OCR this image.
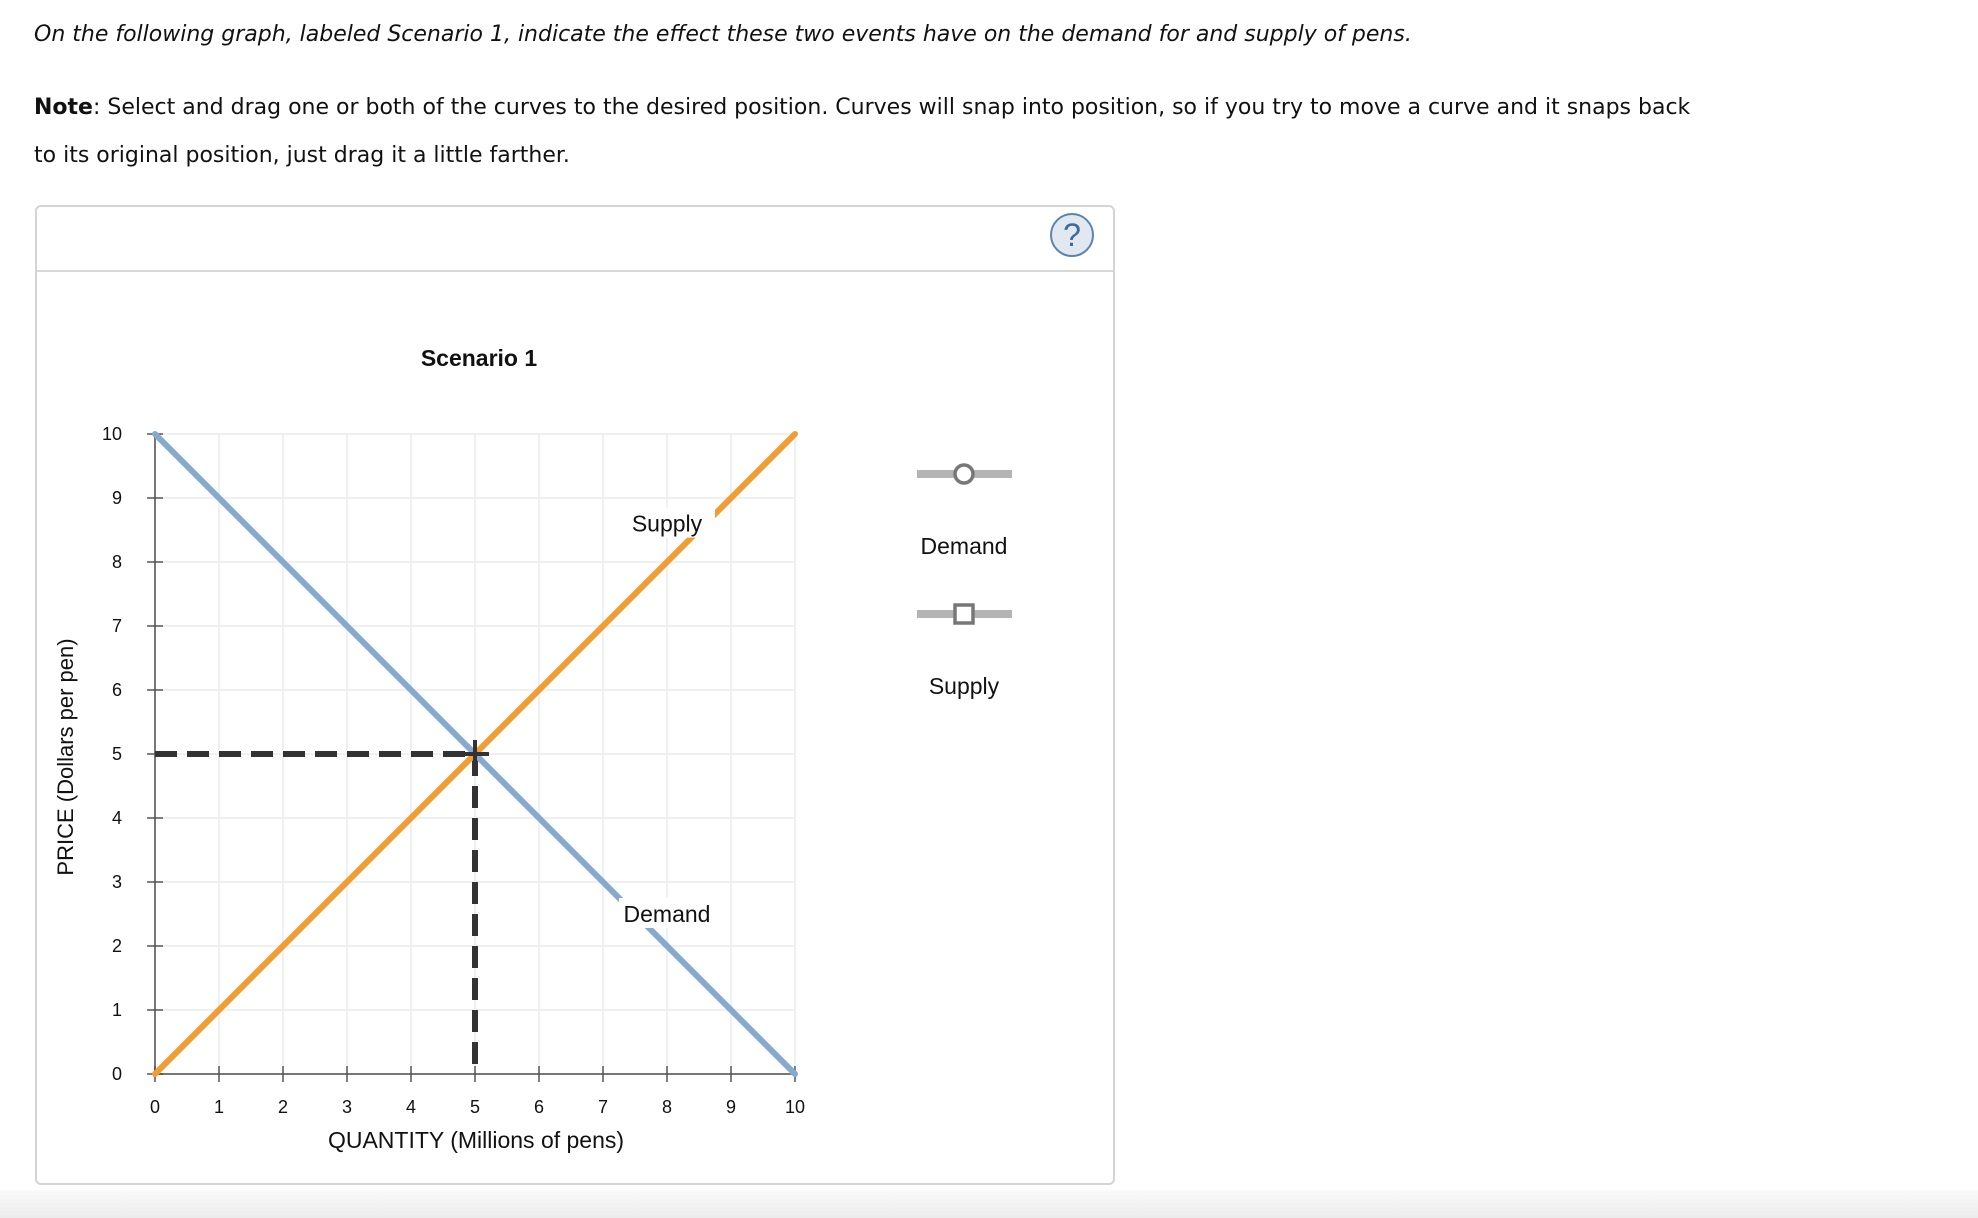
On the following graph, labeled Scenario 1, indicate the effect these two events have on the demand for and supply of pens.
Note: Select and drag one or both of the curves to the desired position. Curves will snap into position, so if you try to move a curve and it snaps back
to its original position, just drag it a little farther.
?
0	1	2	3	4	5	6	7	8	9	10
0
1
2
3
4
5
6
7
8
9
10
Scenario 1
QUANTITY (Millions of pens)
PRICE (Dollars per pen)
Demand
Supply
Demand
Supply
